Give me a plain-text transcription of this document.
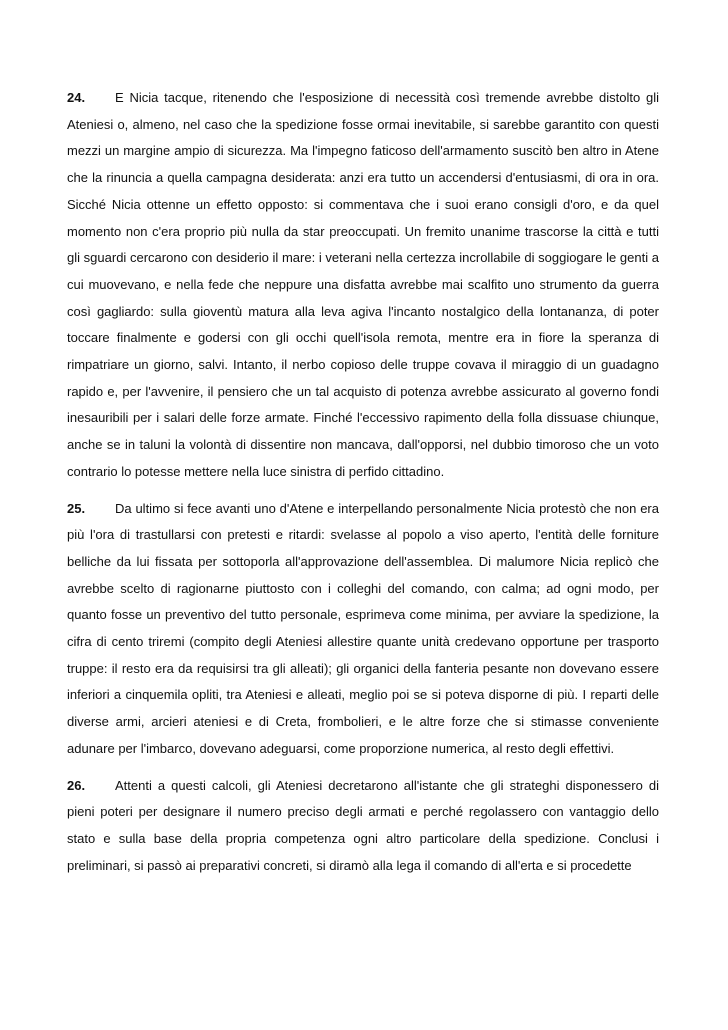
24. E Nicia tacque, ritenendo che l'esposizione di necessità così tremende avrebbe distolto gli Ateniesi o, almeno, nel caso che la spedizione fosse ormai inevitabile, si sarebbe garantito con questi mezzi un margine ampio di sicurezza. Ma l'impegno faticoso dell'armamento suscitò ben altro in Atene che la rinuncia a quella campagna desiderata: anzi era tutto un accendersi d'entusiasmi, di ora in ora. Sicché Nicia ottenne un effetto opposto: si commentava che i suoi erano consigli d'oro, e da quel momento non c'era proprio più nulla da star preoccupati. Un fremito unanime trascorse la città e tutti gli sguardi cercarono con desiderio il mare: i veterani nella certezza incrollabile di soggiogare le genti a cui muovevano, e nella fede che neppure una disfatta avrebbe mai scalfito uno strumento da guerra così gagliardo: sulla gioventù matura alla leva agiva l'incanto nostalgico della lontananza, di poter toccare finalmente e godersi con gli occhi quell'isola remota, mentre era in fiore la speranza di rimpatriare un giorno, salvi. Intanto, il nerbo copioso delle truppe covava il miraggio di un guadagno rapido e, per l'avvenire, il pensiero che un tal acquisto di potenza avrebbe assicurato al governo fondi inesauribili per i salari delle forze armate. Finché l'eccessivo rapimento della folla dissuase chiunque, anche se in taluni la volontà di dissentire non mancava, dall'opporsi, nel dubbio timoroso che un voto contrario lo potesse mettere nella luce sinistra di perfido cittadino.

25. Da ultimo si fece avanti uno d'Atene e interpellando personalmente Nicia protestò che non era più l'ora di trastullarsi con pretesti e ritardi: svelasse al popolo a viso aperto, l'entità delle forniture belliche da lui fissata per sottoporla all'approvazione dell'assemblea. Di malumore Nicia replicò che avrebbe scelto di ragionarne piuttosto con i colleghi del comando, con calma; ad ogni modo, per quanto fosse un preventivo del tutto personale, esprimeva come minima, per avviare la spedizione, la cifra di cento triremi (compito degli Ateniesi allestire quante unità credevano opportune per trasporto truppe: il resto era da requisirsi tra gli alleati); gli organici della fanteria pesante non dovevano essere inferiori a cinquemila opliti, tra Ateniesi e alleati, meglio poi se si poteva disporne di più. I reparti delle diverse armi, arcieri ateniesi e di Creta, frombolieri, e le altre forze che si stimasse conveniente adunare per l'imbarco, dovevano adeguarsi, come proporzione numerica, al resto degli effettivi.

26. Attenti a questi calcoli, gli Ateniesi decretarono all'istante che gli strateghi disponessero di pieni poteri per designare il numero preciso degli armati e perché regolassero con vantaggio dello stato e sulla base della propria competenza ogni altro particolare della spedizione. Conclusi i preliminari, si passò ai preparativi concreti, si diramò alla lega il comando di all'erta e si procedette
